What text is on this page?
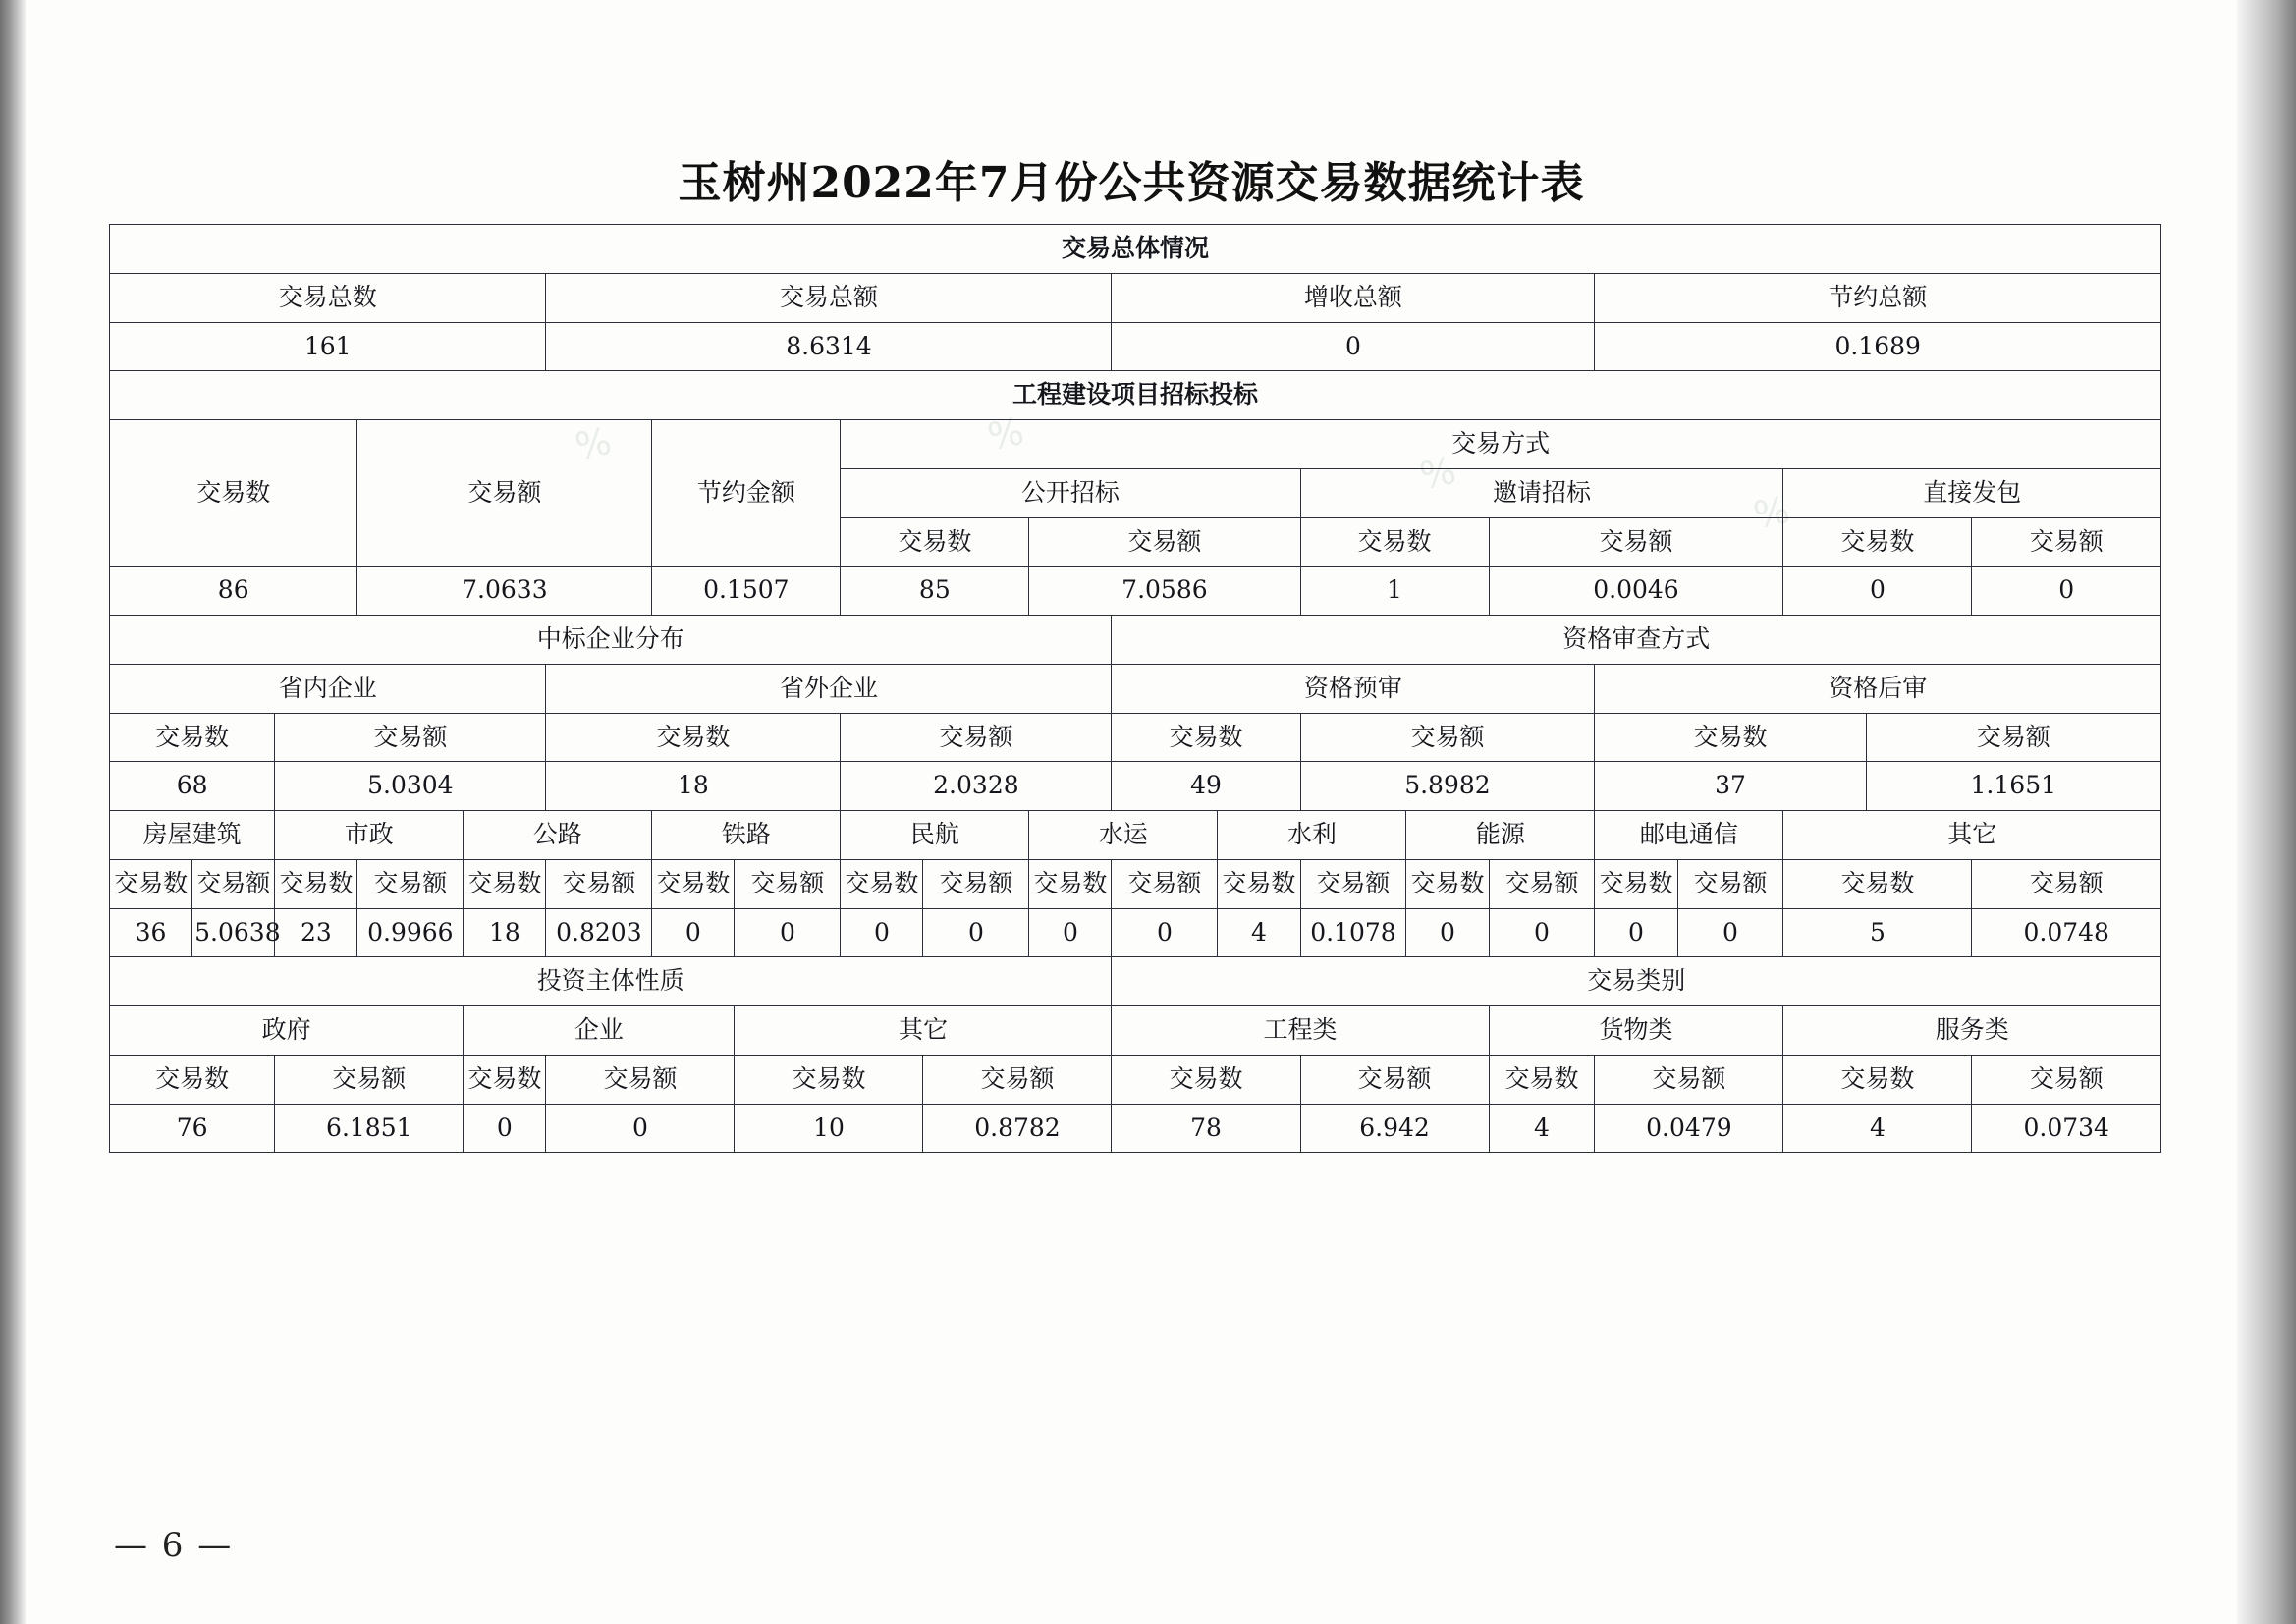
%	%
%
%
玉树州2022年7月份公共资源交易数据统计表
交易总体情况																				
交易总数					交易总额						增收总额					节约总额				
161					8.6314						0					0.1689				
工程建设项目招标投标																				
交易数			交易额			节约金额		交易方式												
								公开招标					邀请招标					直接发包		
								交易数		交易额			交易数		交易额			交易数		交易额
86			7.0633			0.1507		85		7.0586			1		0.0046			0		0
中标企业分布											资格审查方式									
省内企业					省外企业						资格预审					资格后审				
交易数		交易额			交易数			交易额			交易数		交易额			交易数			交易额	
68		5.0304			18			2.0328			49		5.8982			37			1.1651	
房屋建筑		市政		公路		铁路		民航		水运		水利		能源		邮电通信		其它		
交易数	交易额	交易数	交易额	交易数	交易额	交易数	交易额	交易数	交易额	交易数	交易额	交易数	交易额	交易数	交易额	交易数	交易额	交易数		交易额
36	5.0638	23	0.9966	18	0.8203	0	0	0	0	0	0	4	0.1078	0	0	0	0	5		0.0748
投资主体性质											交易类别									
政府				企业			其它				工程类				货物类			服务类		
交易数		交易额		交易数	交易额		交易数		交易额		交易数		交易额		交易数	交易额		交易数		交易额
76		6.1851		0	0		10		0.8782		78		6.942		4	0.0479		4		0.0734
— 6 —
